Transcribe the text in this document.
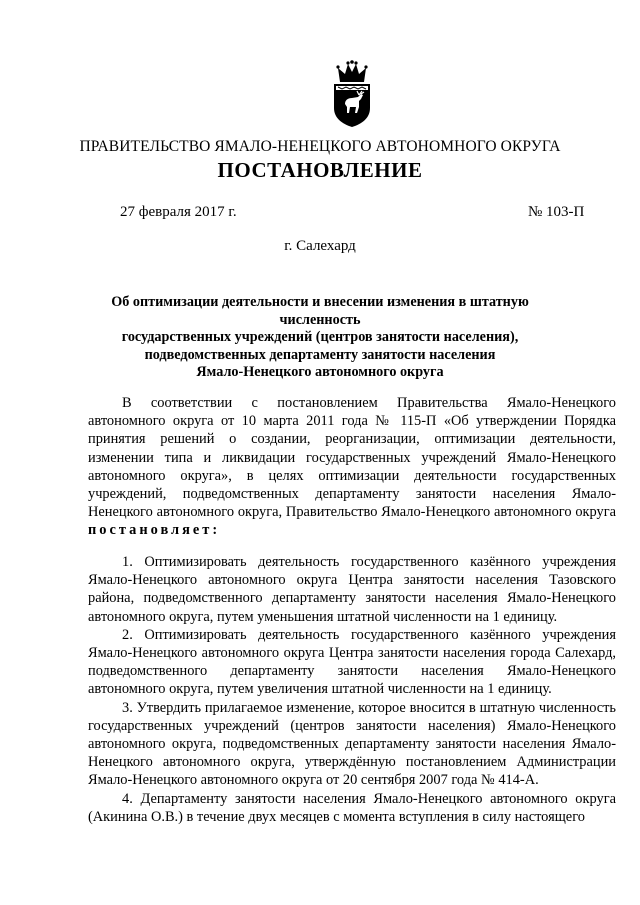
ПРАВИТЕЛЬСТВО ЯМАЛО-НЕНЕЦКОГО АВТОНОМНОГО ОКРУГА
ПОСТАНОВЛЕНИЕ
27 февраля 2017 г.	№ 103-П
г. Салехард
Об оптимизации деятельности и внесении изменения в штатную численность
государственных учреждений (центров занятости населения),
подведомственных департаменту занятости населения
Ямало-Ненецкого автономного округа

В соответствии с постановлением Правительства Ямало-Ненецкого автономного округа от 10 марта 2011 года № 115-П «Об утверждении Порядка принятия решений о создании, реорганизации, оптимизации деятельности, изменении типа и ликвидации государственных учреждений Ямало-Ненецкого автономного округа», в целях оптимизации деятельности государственных учреждений, подведомственных департаменту занятости населения Ямало-Ненецкого автономного округа, Правительство Ямало-Ненецкого автономного округа постановляет:

1. Оптимизировать деятельность государственного казённого учреждения Ямало-Ненецкого автономного округа Центра занятости населения Тазовского района, подведомственного департаменту занятости населения Ямало-Ненецкого автономного округа, путем уменьшения штатной численности на 1 единицу.

2. Оптимизировать деятельность государственного казённого учреждения Ямало-Ненецкого автономного округа Центра занятости населения города Салехард, подведомственного департаменту занятости населения Ямало-Ненецкого автономного округа, путем увеличения штатной численности на 1 единицу.

3. Утвердить прилагаемое изменение, которое вносится в штатную численность государственных учреждений (центров занятости населения) Ямало-Ненецкого автономного округа, подведомственных департаменту занятости населения Ямало-Ненецкого автономного округа, утверждённую постановлением Администрации Ямало-Ненецкого автономного округа от 20 сентября 2007 года № 414-А.

4. Департаменту занятости населения Ямало-Ненецкого автономного округа (Акинина О.В.) в течение двух месяцев с момента вступления в силу настоящего
